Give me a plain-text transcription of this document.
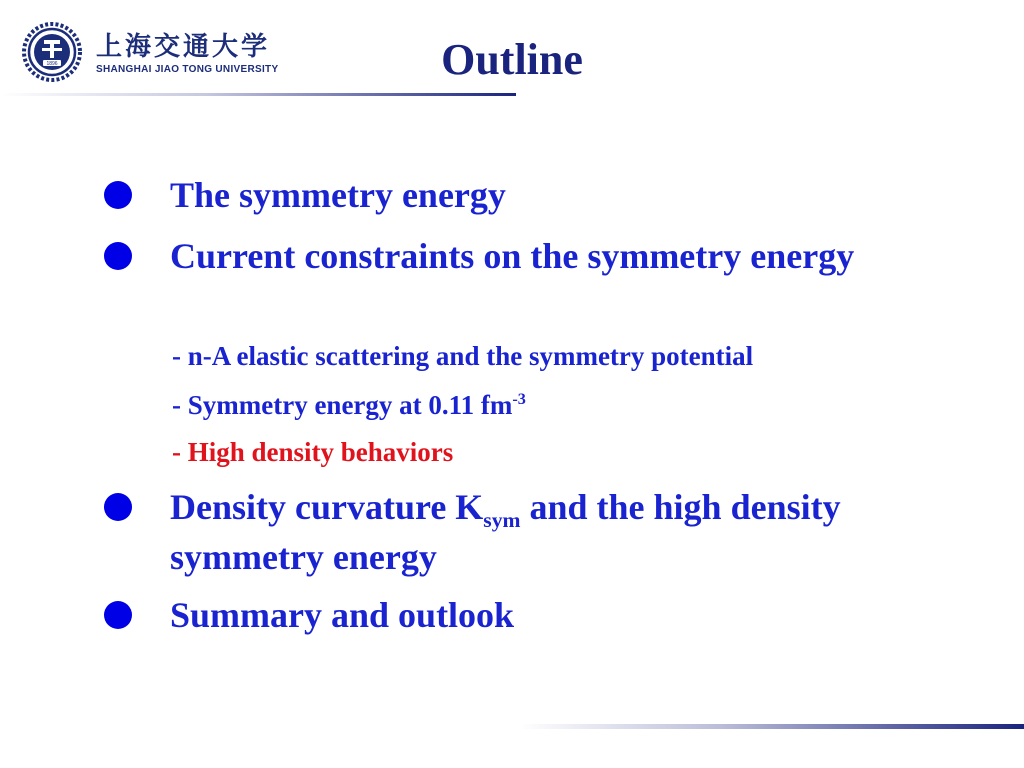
1896
上海交通大学
SHANGHAI JIAO TONG UNIVERSITY	Outline
The symmetry energy
Current constraints on the symmetry energy
- n-A elastic scattering and the symmetry potential
- Symmetry energy at 0.11 $fm^{-3}$
- High density behaviors
Density curvature $K_{sym}$ and the high density symmetry energy
Summary and outlook
